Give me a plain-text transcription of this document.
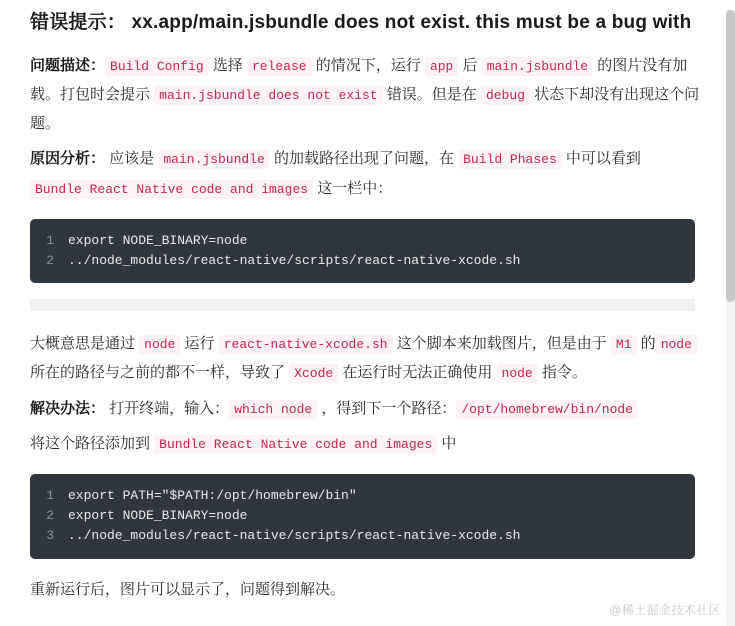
错误提示： xx.app/main.jsbundle does not exist. this must be a bug with

问题描述： Build Config 选择 release 的情况下，运行 app 后 main.jsbundle 的图片没有加载。打包时会提示 main.jsbundle does not exist 错误。但是在 debug 状态下却没有出现这个问题。

原因分析： 应该是 main.jsbundle 的加载路径出现了问题，在 Build Phases 中可以看到Bundle React Native code and images 这一栏中：

1	export NODE_BINARY=node
2	../node_modules/react-native/scripts/react-native-xcode.sh

大概意思是通过 node 运行 react-native-xcode.sh 这个脚本来加载图片，但是由于 M1 的 node 所在的路径与之前的都不一样，导致了 Xcode 在运行时无法正确使用 node 指令。

解决办法： 打开终端，输入： which node ，得到下一个路径： /opt/homebrew/bin/node

将这个路径添加到 Bundle React Native code and images 中

1	export PATH="$PATH:/opt/homebrew/bin"
2	export NODE_BINARY=node
3	../node_modules/react-native/scripts/react-native-xcode.sh

重新运行后，图片可以显示了，问题得到解决。

@稀土掘金技术社区
